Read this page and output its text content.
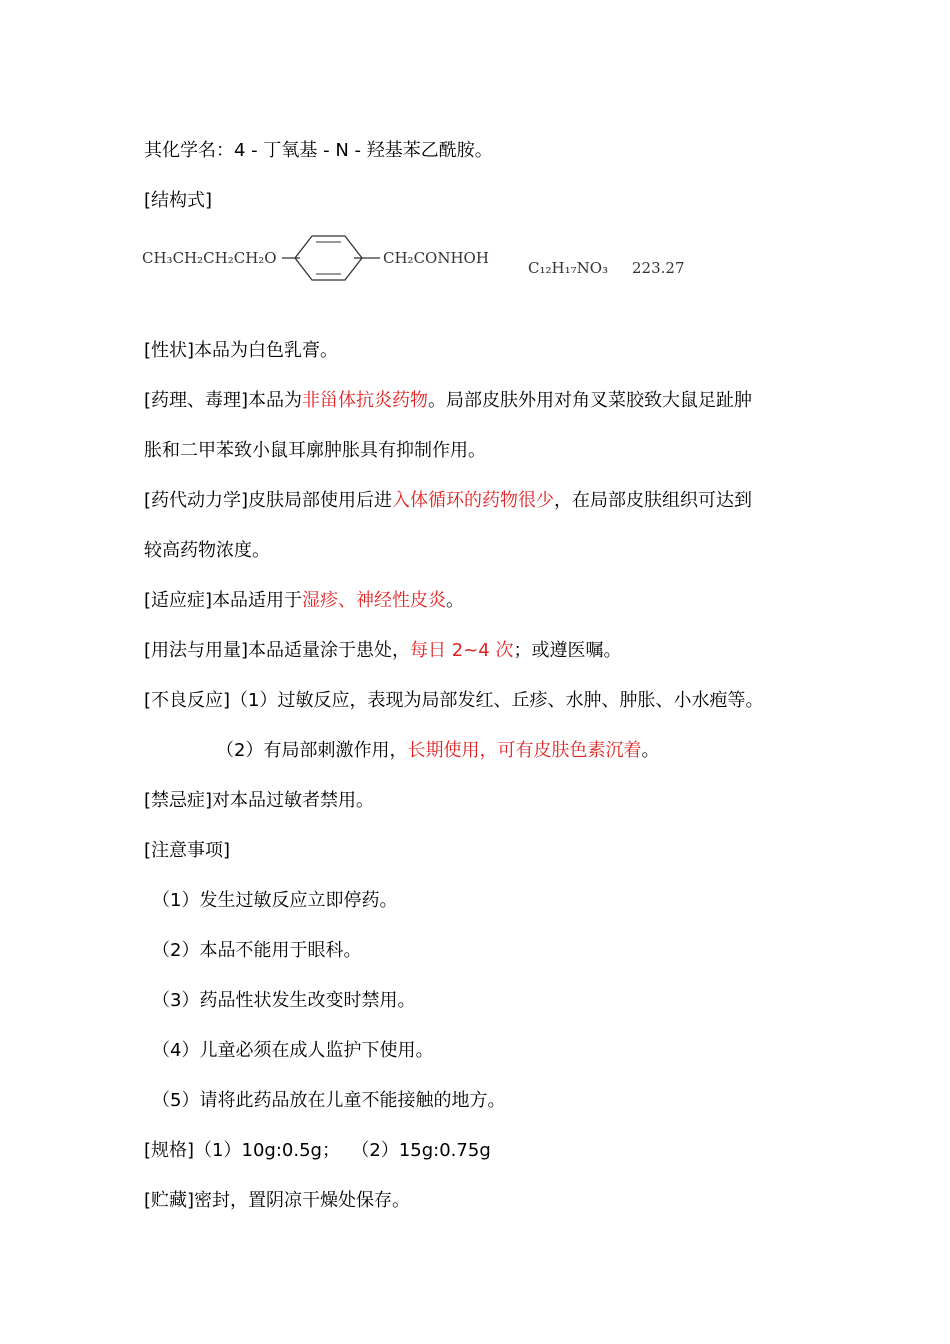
其化学名：4 - 丁氧基 - N - 羟基苯乙酰胺。
[结构式]
CH₃CH₂CH₂CH₂O	CH₂CONHOH
C₁₂H₁₇NO₃ 223.27
[性状]本品为白色乳膏。
[药理、毒理]本品为非甾体抗炎药物。局部皮肤外用对角叉菜胶致大鼠足趾肿
胀和二甲苯致小鼠耳廓肿胀具有抑制作用。
[药代动力学]皮肤局部使用后进入体循环的药物很少，在局部皮肤组织可达到
较高药物浓度。
[适应症]本品适用于湿疹、神经性皮炎。
[用法与用量]本品适量涂于患处，每日 2~4 次；或遵医嘱。
[不良反应]（1）过敏反应，表现为局部发红、丘疹、水肿、肿胀、小水疱等。
（2）有局部刺激作用，长期使用，可有皮肤色素沉着。
[禁忌症]对本品过敏者禁用。
[注意事项]
（1）发生过敏反应立即停药。
（2）本品不能用于眼科。
（3）药品性状发生改变时禁用。
（4）儿童必须在成人监护下使用。
（5）请将此药品放在儿童不能接触的地方。
[规格]（1）10g:0.5g；  （2）15g:0.75g
[贮藏]密封，置阴凉干燥处保存。
